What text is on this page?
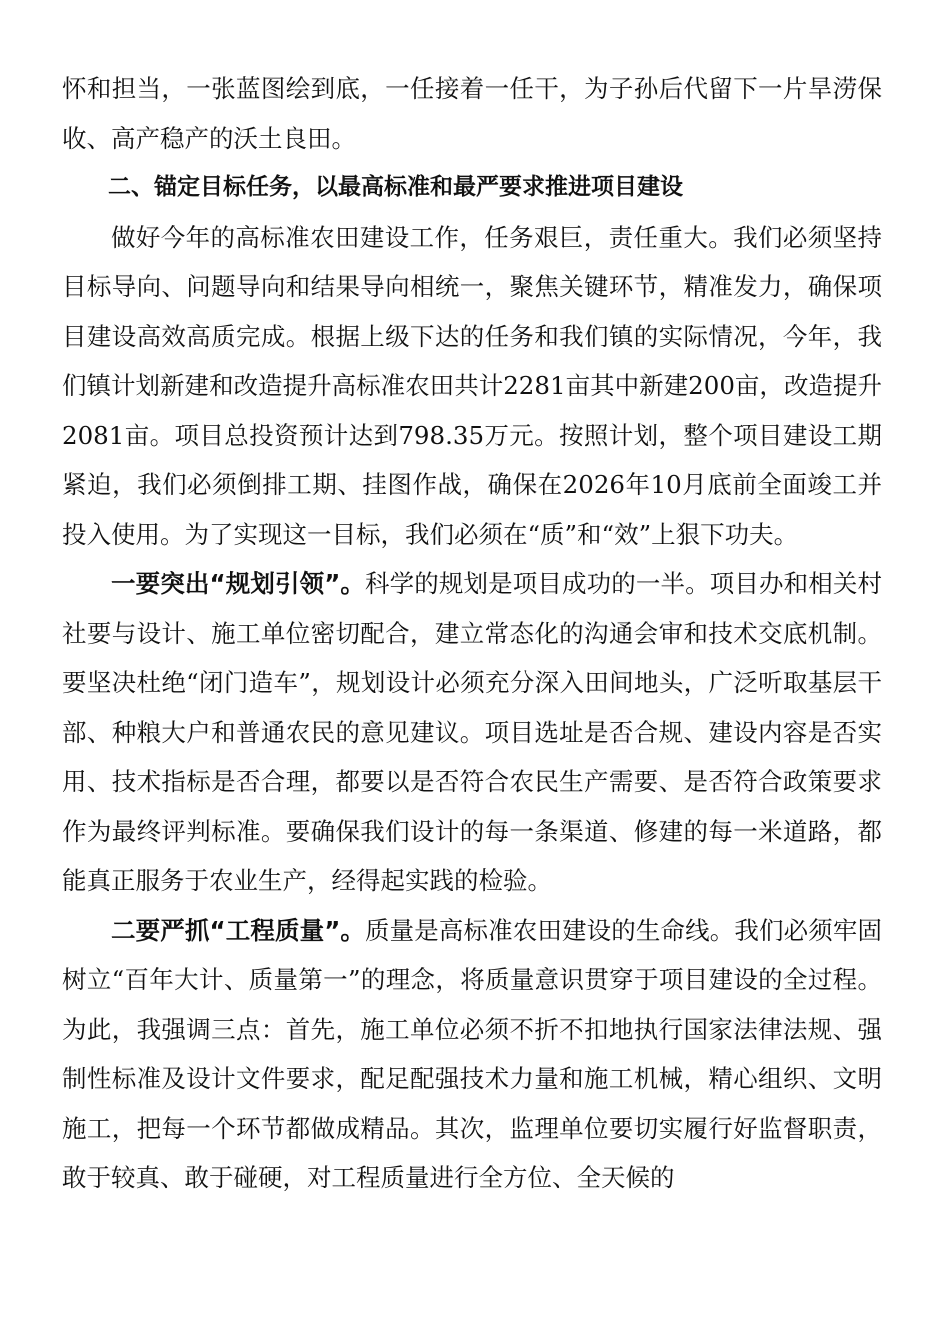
怀和担当，一张蓝图绘到底，一任接着一任干，为子孙后代留下一片旱涝保收、高产稳产的沃土良田。

二、锚定目标任务，以最高标准和最严要求推进项目建设

做好今年的高标准农田建设工作，任务艰巨，责任重大。我们必须坚持目标导向、问题导向和结果导向相统一，聚焦关键环节，精准发力，确保项目建设高效高质完成。根据上级下达的任务和我们镇的实际情况，今年，我们镇计划新建和改造提升高标准农田共计2281亩其中新建200亩，改造提升2081亩。项目总投资预计达到798.35万元。按照计划，整个项目建设工期紧迫，我们必须倒排工期、挂图作战，确保在2026年10月底前全面竣工并投入使用。为了实现这一目标，我们必须在“质”和“效”上狠下功夫。

一要突出“规划引领”。科学的规划是项目成功的一半。项目办和相关村社要与设计、施工单位密切配合，建立常态化的沟通会审和技术交底机制。要坚决杜绝“闭门造车”，规划设计必须充分深入田间地头，广泛听取基层干部、种粮大户和普通农民的意见建议。项目选址是否合规、建设内容是否实用、技术指标是否合理，都要以是否符合农民生产需要、是否符合政策要求作为最终评判标准。要确保我们设计的每一条渠道、修建的每一米道路，都能真正服务于农业生产，经得起实践的检验。

二要严抓“工程质量”。质量是高标准农田建设的生命线。我们必须牢固树立“百年大计、质量第一”的理念，将质量意识贯穿于项目建设的全过程。为此，我强调三点：首先，施工单位必须不折不扣地执行国家法律法规、强制性标准及设计文件要求，配足配强技术力量和施工机械，精心组织、文明施工，把每一个环节都做成精品。其次，监理单位要切实履行好监督职责，敢于较真、敢于碰硬，对工程质量进行全方位、全天候的
